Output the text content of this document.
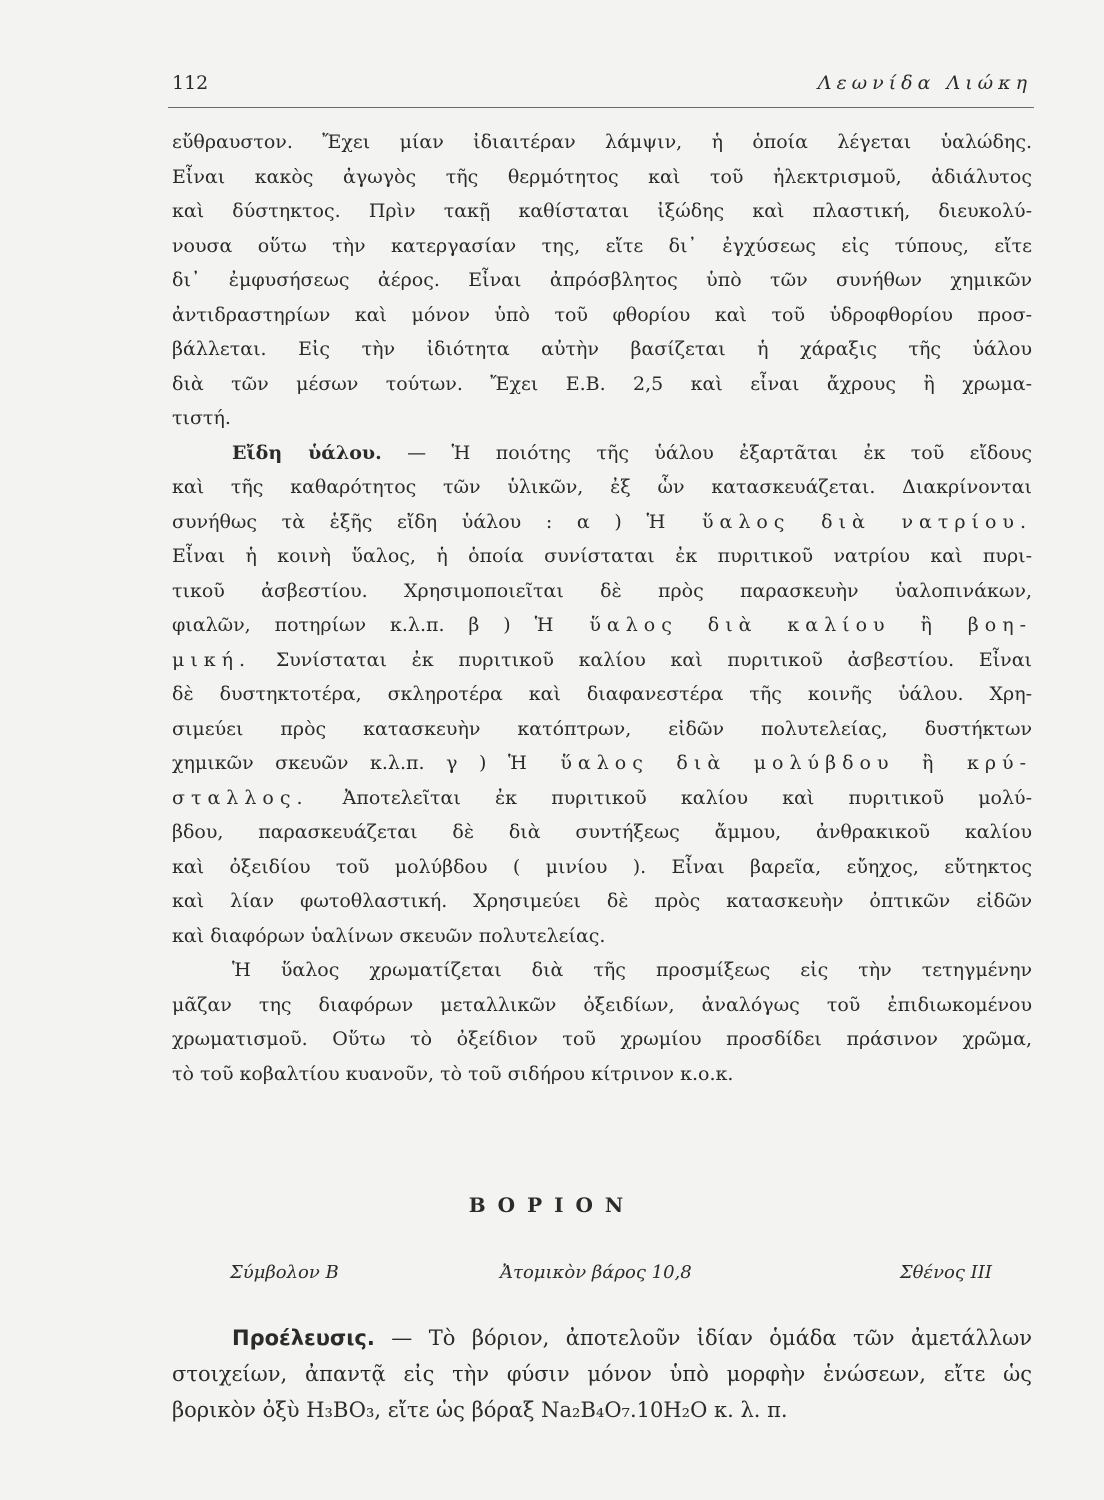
112	Λεωνίδα Λιώκη
εὔθραυστον. Ἔχει μίαν ἰδιαιτέραν λάμψιν, ἡ ὁποία λέγεται ὑαλώδης.
Εἶναι κακὸς ἀγωγὸς τῆς θερμότητος καὶ τοῦ ἠλεκτρισμοῦ, ἀδιάλυτος
καὶ δύστηκτος. Πρὶν τακῇ καθίσταται ἰξώδης καὶ πλαστική, διευκολύ-
νουσα οὕτω τὴν κατεργασίαν της, εἴτε δι᾽ ἐγχύσεως εἰς τύπους, εἴτε
δι᾽ ἐμφυσήσεως ἀέρος. Εἶναι ἀπρόσβλητος ὑπὸ τῶν συνήθων χημικῶν
ἀντιδραστηρίων καὶ μόνον ὑπὸ τοῦ φθορίου καὶ τοῦ ὑδροφθορίου προσ-
βάλλεται. Εἰς τὴν ἰδιότητα αὐτὴν βασίζεται ἡ χάραξις τῆς ὑάλου
διὰ τῶν μέσων τούτων. Ἔχει Ε.Β. 2,5 καὶ εἶναι ἄχρους ἢ χρωμα-
τιστή.
Εἴδη ὑάλου. — Ἡ ποιότης τῆς ὑάλου ἐξαρτᾶται ἐκ τοῦ εἴδους
καὶ τῆς καθαρότητος τῶν ὑλικῶν, ἐξ ὧν κατασκευάζεται. Διακρίνονται
συνήθως τὰ ἑξῆς εἴδη ὑάλου : α ) Ἡ ὕαλος διὰ νατρίου.
Εἶναι ἡ κοινὴ ὕαλος, ἡ ὁποία συνίσταται ἐκ πυριτικοῦ νατρίου καὶ πυρι-
τικοῦ ἀσβεστίου. Χρησιμοποιεῖται δὲ πρὸς παρασκευὴν ὑαλοπινάκων,
φιαλῶν, ποτηρίων κ.λ.π. β ) Ἡ ὕαλος διὰ καλίου ἢ βοη-
μική. Συνίσταται ἐκ πυριτικοῦ καλίου καὶ πυριτικοῦ ἀσβεστίου. Εἶναι
δὲ δυστηκτοτέρα, σκληροτέρα καὶ διαφανεστέρα τῆς κοινῆς ὑάλου. Χρη-
σιμεύει πρὸς κατασκευὴν κατόπτρων, εἰδῶν πολυτελείας, δυστήκτων
χημικῶν σκευῶν κ.λ.π. γ ) Ἡ ὕαλος διὰ μολύβδου ἢ κρύ-
σταλλος. Ἀποτελεῖται ἐκ πυριτικοῦ καλίου καὶ πυριτικοῦ μολύ-
βδου, παρασκευάζεται δὲ διὰ συντήξεως ἄμμου, ἀνθρακικοῦ καλίου
καὶ ὀξειδίου τοῦ μολύβδου ( μινίου ). Εἶναι βαρεῖα, εὔηχος, εὔτηκτος
καὶ λίαν φωτοθλαστική. Χρησιμεύει δὲ πρὸς κατασκευὴν ὀπτικῶν εἰδῶν
καὶ διαφόρων ὑαλίνων σκευῶν πολυτελείας.
Ἡ ὕαλος χρωματίζεται διὰ τῆς προσμίξεως εἰς τὴν τετηγμένην
μᾶζαν της διαφόρων μεταλλικῶν ὀξειδίων, ἀναλόγως τοῦ ἐπιδιωκομένου
χρωματισμοῦ. Οὕτω τὸ ὀξείδιον τοῦ χρωμίου προσδίδει πράσινον χρῶμα,
τὸ τοῦ κοβαλτίου κυανοῦν, τὸ τοῦ σιδήρου κίτρινον κ.ο.κ.
ΒΟΡΙΟΝ
Σύμβολον Β	Ἀτομικὸν βάρος 10,8	Σθένος ΙΙΙ
Προέλευσις. — Τὸ βόριον, ἀποτελοῦν ἰδίαν ὁμάδα τῶν ἀμετάλλων
στοιχείων, ἀπαντᾷ εἰς τὴν φύσιν μόνον ὑπὸ μορφὴν ἑνώσεων, εἴτε ὡς
βορικὸν ὀξὺ H₃BO₃, εἴτε ὡς βόραξ Na₂B₄O₇.10H₂O κ. λ. π.
